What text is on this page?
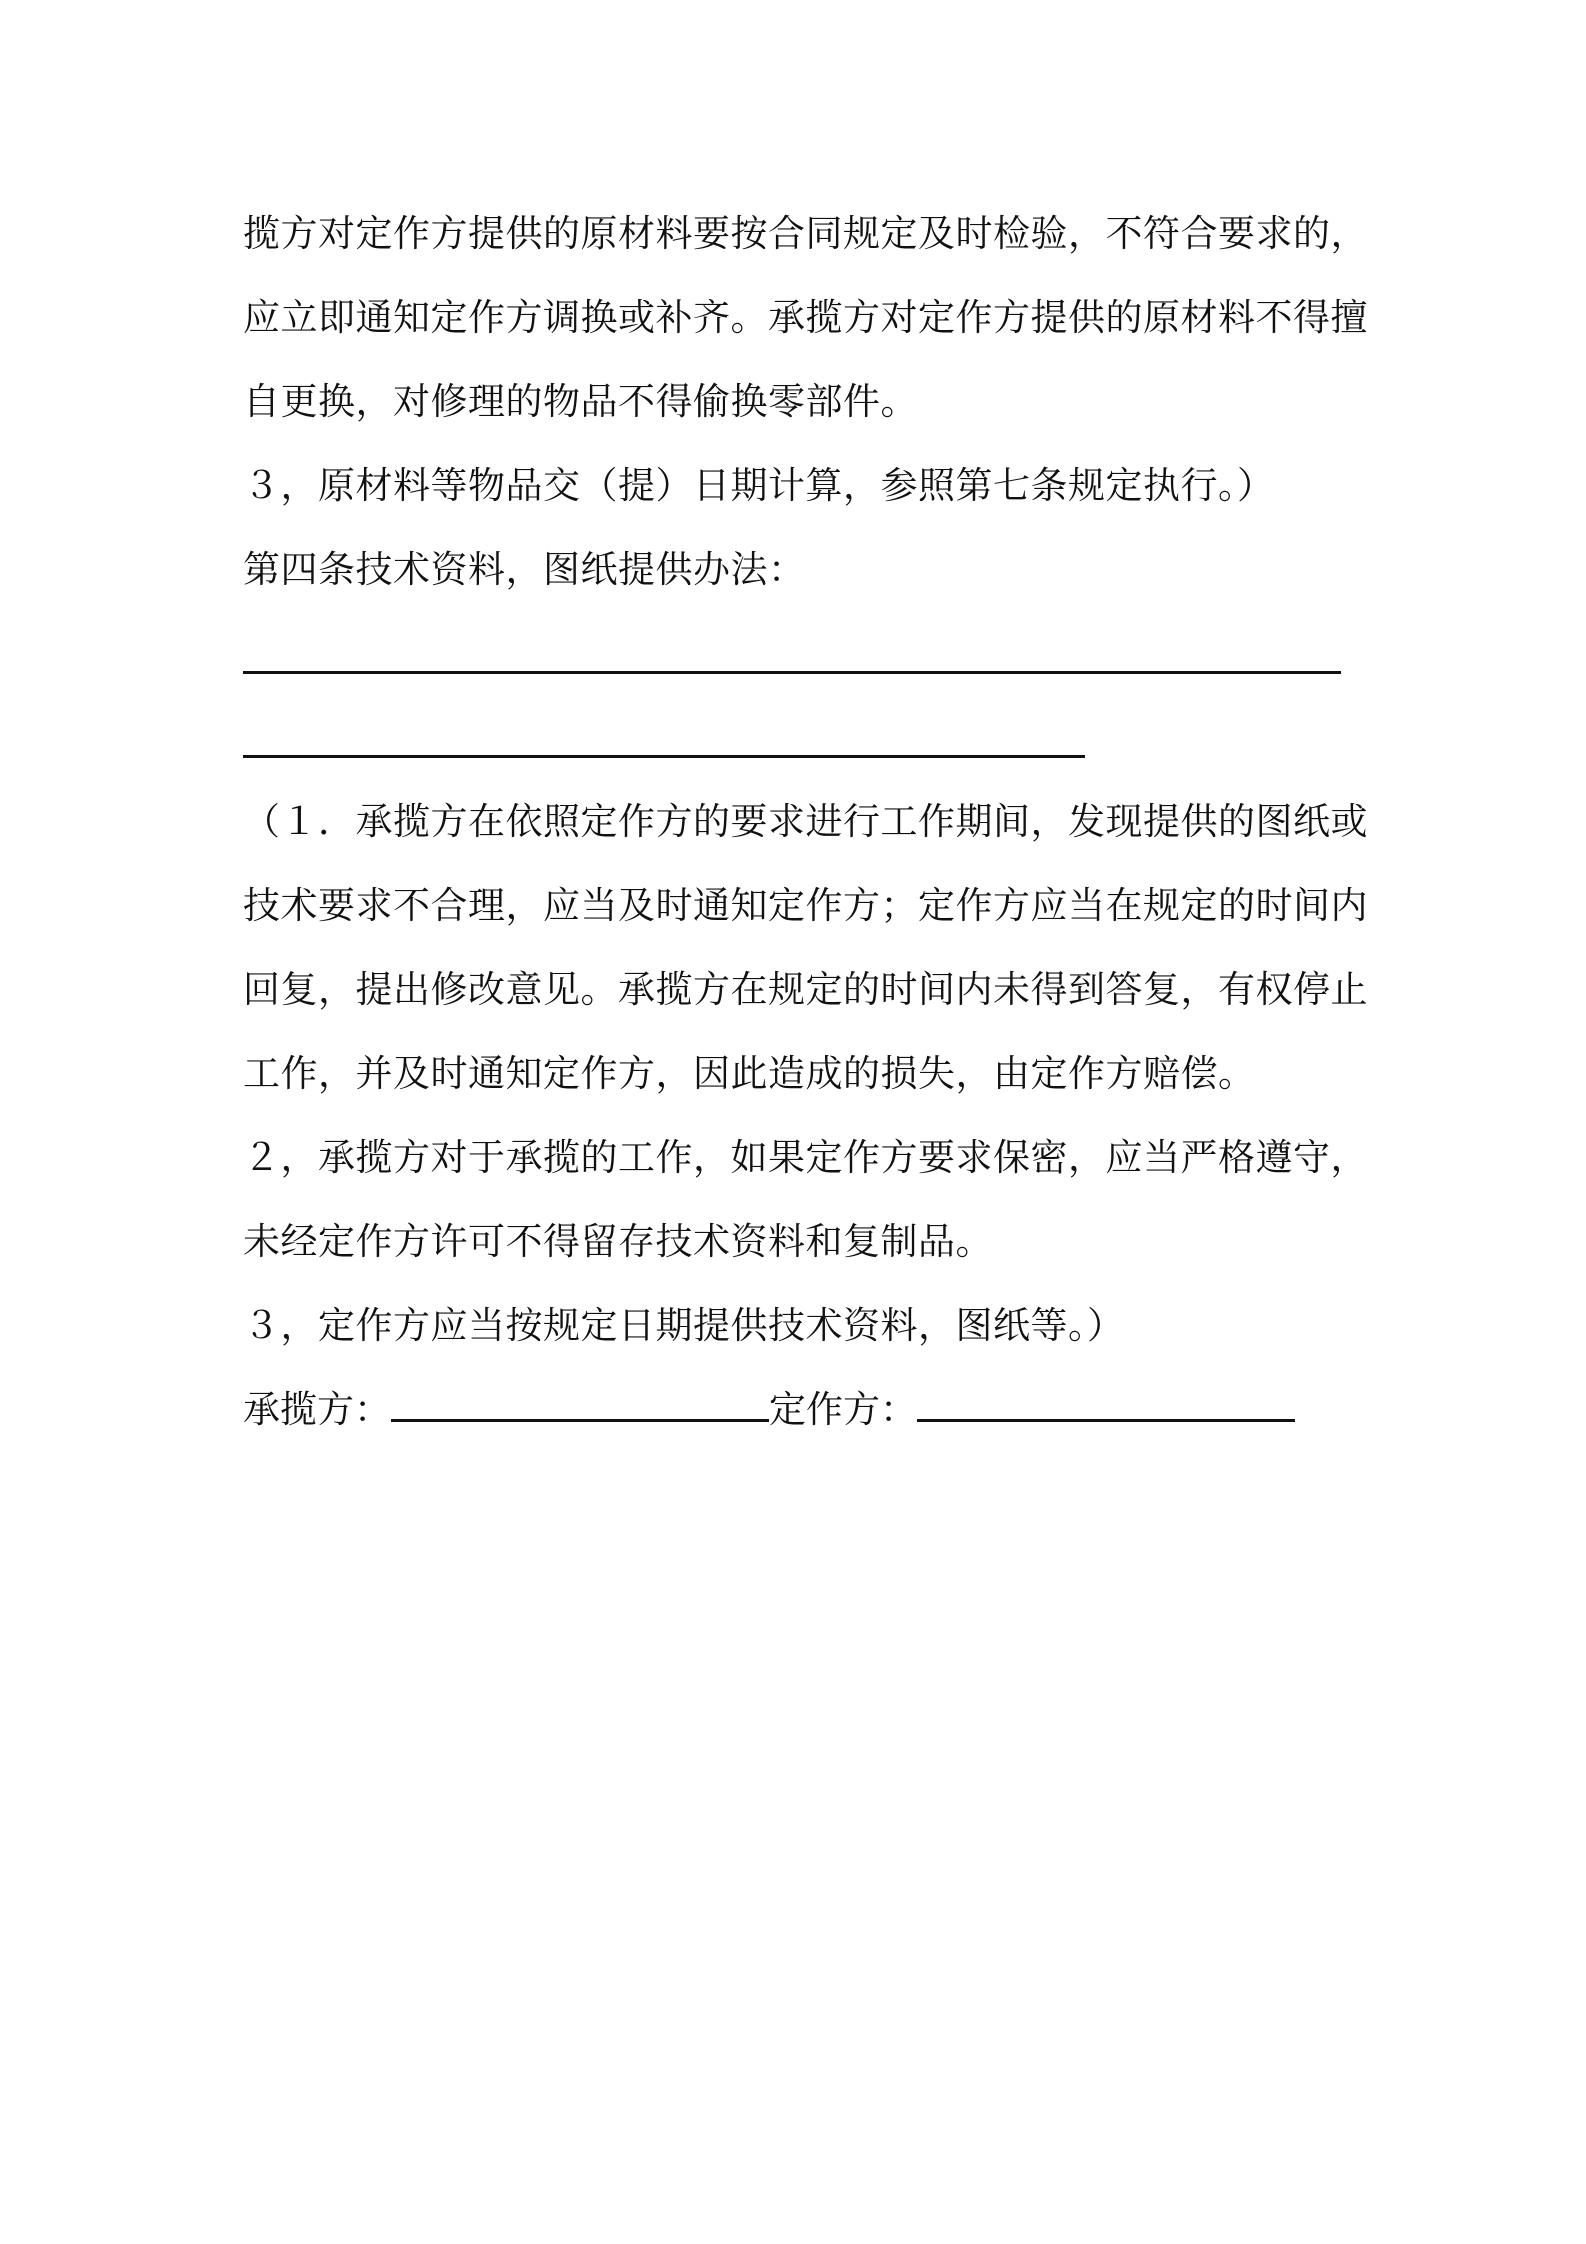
揽方对定作方提供的原材料要按合同规定及时检验，不符合要求的，
应立即通知定作方调换或补齐。承揽方对定作方提供的原材料不得擅
自更换，对修理的物品不得偷换零部件。
３，原材料等物品交（提）日期计算，参照第七条规定执行。）
第四条技术资料，图纸提供办法：
（１．承揽方在依照定作方的要求进行工作期间，发现提供的图纸或
技术要求不合理，应当及时通知定作方；定作方应当在规定的时间内
回复，提出修改意见。承揽方在规定的时间内未得到答复，有权停止
工作，并及时通知定作方，因此造成的损失，由定作方赔偿。
２，承揽方对于承揽的工作，如果定作方要求保密，应当严格遵守，
未经定作方许可不得留存技术资料和复制品。
３，定作方应当按规定日期提供技术资料，图纸等。）
承揽方：	定作方：
